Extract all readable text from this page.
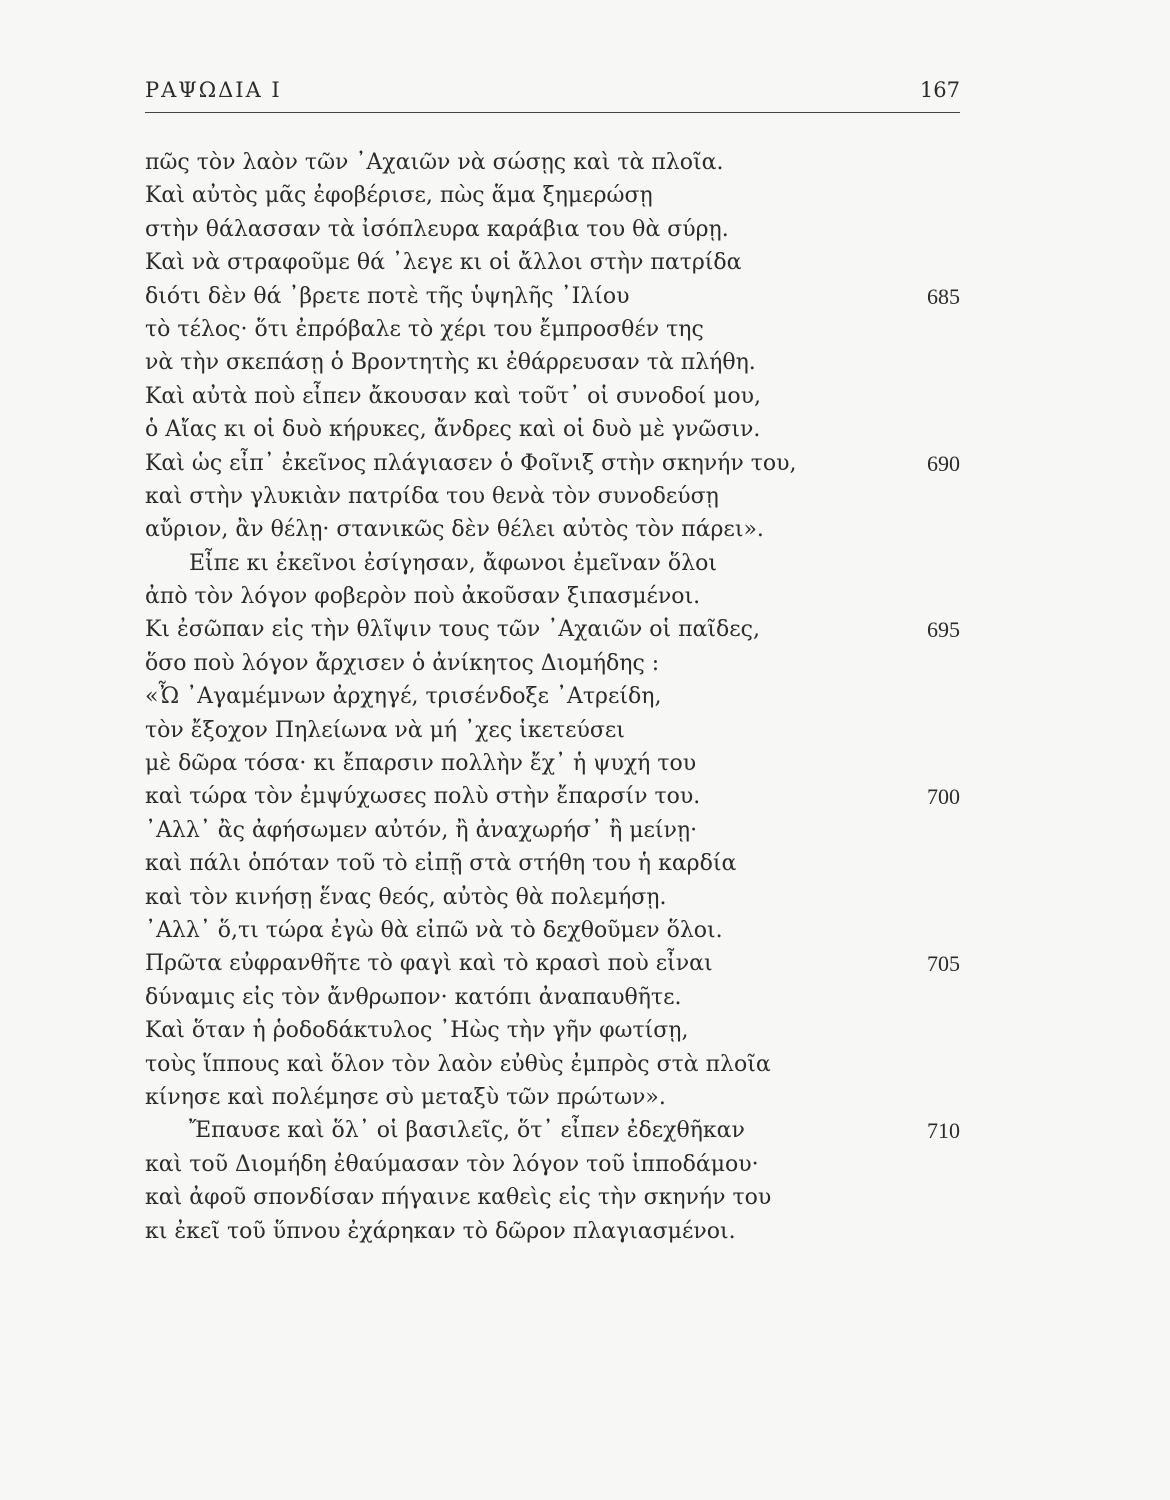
ΡΑΨΩΔΙΑ Ι	167
πῶς τὸν λαὸν τῶν ᾿Αχαιῶν νὰ σώσῃς καὶ τὰ πλοῖα.
Καὶ αὐτὸς μᾶς ἐφοβέρισε, πὼς ἅμα ξημερώσῃ
στὴν θάλασσαν τὰ ἰσόπλευρα καράβια του θὰ σύρῃ.
Καὶ νὰ στραφοῦμε θά ᾿λεγε κι οἱ ἄλλοι στὴν πατρίδα
διότι δὲν θά ᾿βρετε ποτὲ τῆς ὑψηλῆς ᾿Ιλίου	685
τὸ τέλος· ὅτι ἐπρόβαλε τὸ χέρι του ἔμπροσθέν της
νὰ τὴν σκεπάσῃ ὁ Βροντητὴς κι ἐθάρρευσαν τὰ πλήθη.
Καὶ αὐτὰ ποὺ εἶπεν ἄκουσαν καὶ τοῦτ᾿ οἱ συνοδοί μου,
ὁ Αἴας κι οἱ δυὸ κήρυκες, ἄνδρες καὶ οἱ δυὸ μὲ γνῶσιν.
Καὶ ὡς εἶπ᾿ ἐκεῖνος πλάγιασεν ὁ Φοῖνιξ στὴν σκηνήν του,	690
καὶ στὴν γλυκιὰν πατρίδα του θενὰ τὸν συνοδεύσῃ
αὔριον, ἂν θέλῃ· στανικῶς δὲν θέλει αὐτὸς τὸν πάρει».
Εἶπε κι ἐκεῖνοι ἐσίγησαν, ἄφωνοι ἐμεῖναν ὅλοι
ἀπὸ τὸν λόγον φοβερὸν ποὺ ἀκοῦσαν ξιπασμένοι.
Κι ἐσῶπαν εἰς τὴν θλῖψιν τους τῶν ᾿Αχαιῶν οἱ παῖδες,	695
ὅσο ποὺ λόγον ἄρχισεν ὁ ἀνίκητος Διομήδης :
«Ὦ ᾿Αγαμέμνων ἀρχηγέ, τρισένδοξε ᾿Ατρείδη,
τὸν ἔξοχον Πηλείωνα νὰ μή ᾿χες ἱκετεύσει
μὲ δῶρα τόσα· κι ἔπαρσιν πολλὴν ἔχ᾿ ἡ ψυχή του
καὶ τώρα τὸν ἐμψύχωσες πολὺ στὴν ἔπαρσίν του.	700
᾿Αλλ᾿ ἂς ἀφήσωμεν αὐτόν, ἢ ἀναχωρήσ᾿ ἢ μείνῃ·
καὶ πάλι ὁπόταν τοῦ τὸ εἰπῇ στὰ στήθη του ἡ καρδία
καὶ τὸν κινήσῃ ἕνας θεός, αὐτὸς θὰ πολεμήσῃ.
᾿Αλλ᾿ ὅ,τι τώρα ἐγὼ θὰ εἰπῶ νὰ τὸ δεχθοῦμεν ὅλοι.
Πρῶτα εὐφρανθῆτε τὸ φαγὶ καὶ τὸ κρασὶ ποὺ εἶναι	705
δύναμις εἰς τὸν ἄνθρωπον· κατόπι ἀναπαυθῆτε.
Καὶ ὅταν ἡ ῥοδοδάκτυλος ᾿Ηὼς τὴν γῆν φωτίσῃ,
τοὺς ἵππους καὶ ὅλον τὸν λαὸν εὐθὺς ἐμπρὸς στὰ πλοῖα
κίνησε καὶ πολέμησε σὺ μεταξὺ τῶν πρώτων».
Ἔπαυσε καὶ ὅλ᾿ οἱ βασιλεῖς, ὅτ᾿ εἶπεν ἐδεχθῆκαν	710
καὶ τοῦ Διομήδη ἐθαύμασαν τὸν λόγον τοῦ ἱπποδάμου·
καὶ ἀφοῦ σπονδίσαν πήγαινε καθεὶς εἰς τὴν σκηνήν του
κι ἐκεῖ τοῦ ὕπνου ἐχάρηκαν τὸ δῶρον πλαγιασμένοι.
